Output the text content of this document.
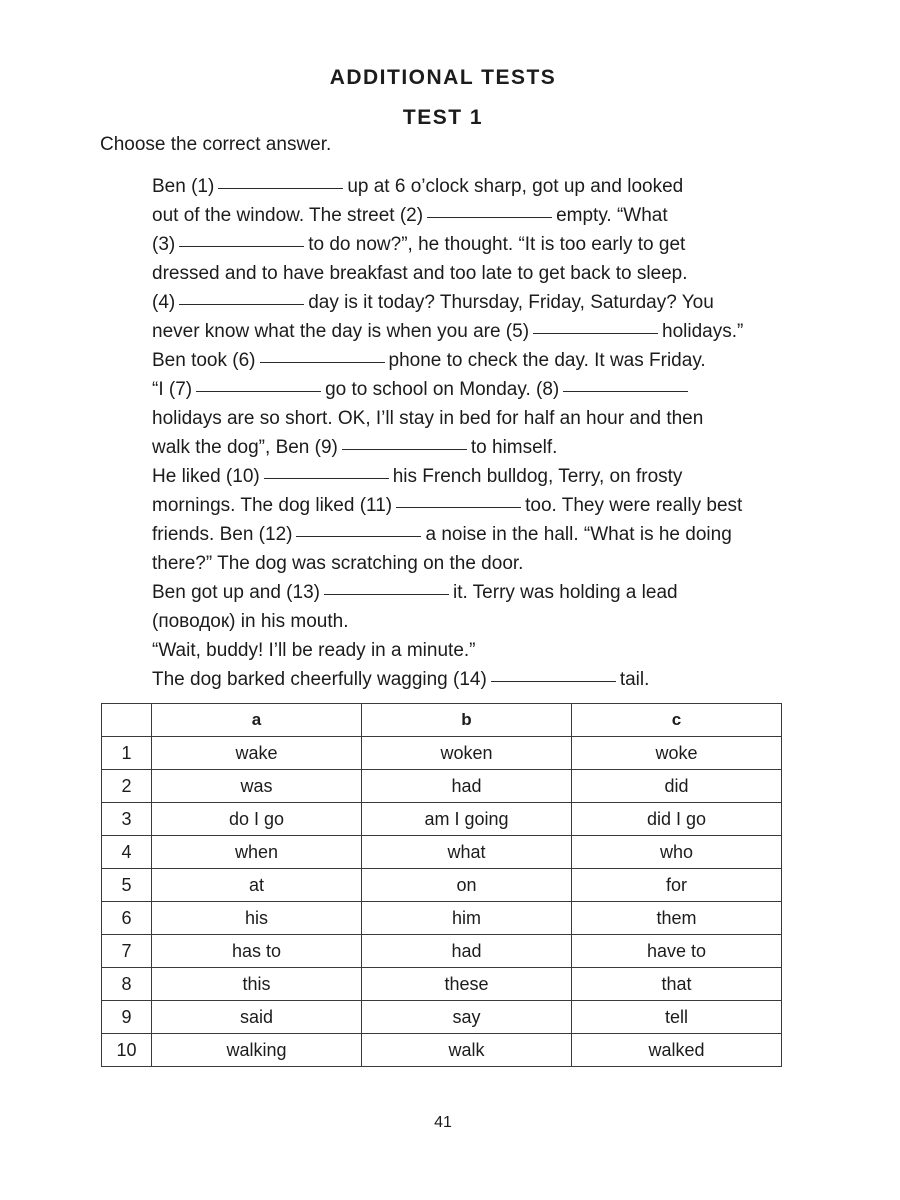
ADDITIONAL TESTS
TEST 1
Choose the correct answer.
Ben (1)	up at 6 o’clock sharp, got up and looked
out of the window. The street (2)	empty. “What
(3)	to do now?”, he thought. “It is too early to get
dressed and to have breakfast and too late to get back to sleep.
(4)	day is it today? Thursday, Friday, Saturday? You
never know what the day is when you are (5)	holidays.”
Ben took (6)	phone to check the day. It was Friday.
“I (7)	go to school on Monday. (8)
holidays are so short. OK, I’ll stay in bed for half an hour and then
walk the dog”, Ben (9)	to himself.
He liked (10)	his French bulldog, Terry, on frosty
mornings. The dog liked (11)	too. They were really best
friends. Ben (12)	a noise in the hall. “What is he doing
there?” The dog was scratching on the door.
Ben got up and (13)	it. Terry was holding a lead
(поводок) in his mouth.
“Wait, buddy! I’ll be ready in a minute.”
The dog barked cheerfully wagging (14)	tail.
	a	b	c
1	wake	woken	woke
2	was	had	did
3	do I go	am I going	did I go
4	when	what	who
5	at	on	for
6	his	him	them
7	has to	had	have to
8	this	these	that
9	said	say	tell
10	walking	walk	walked
41
